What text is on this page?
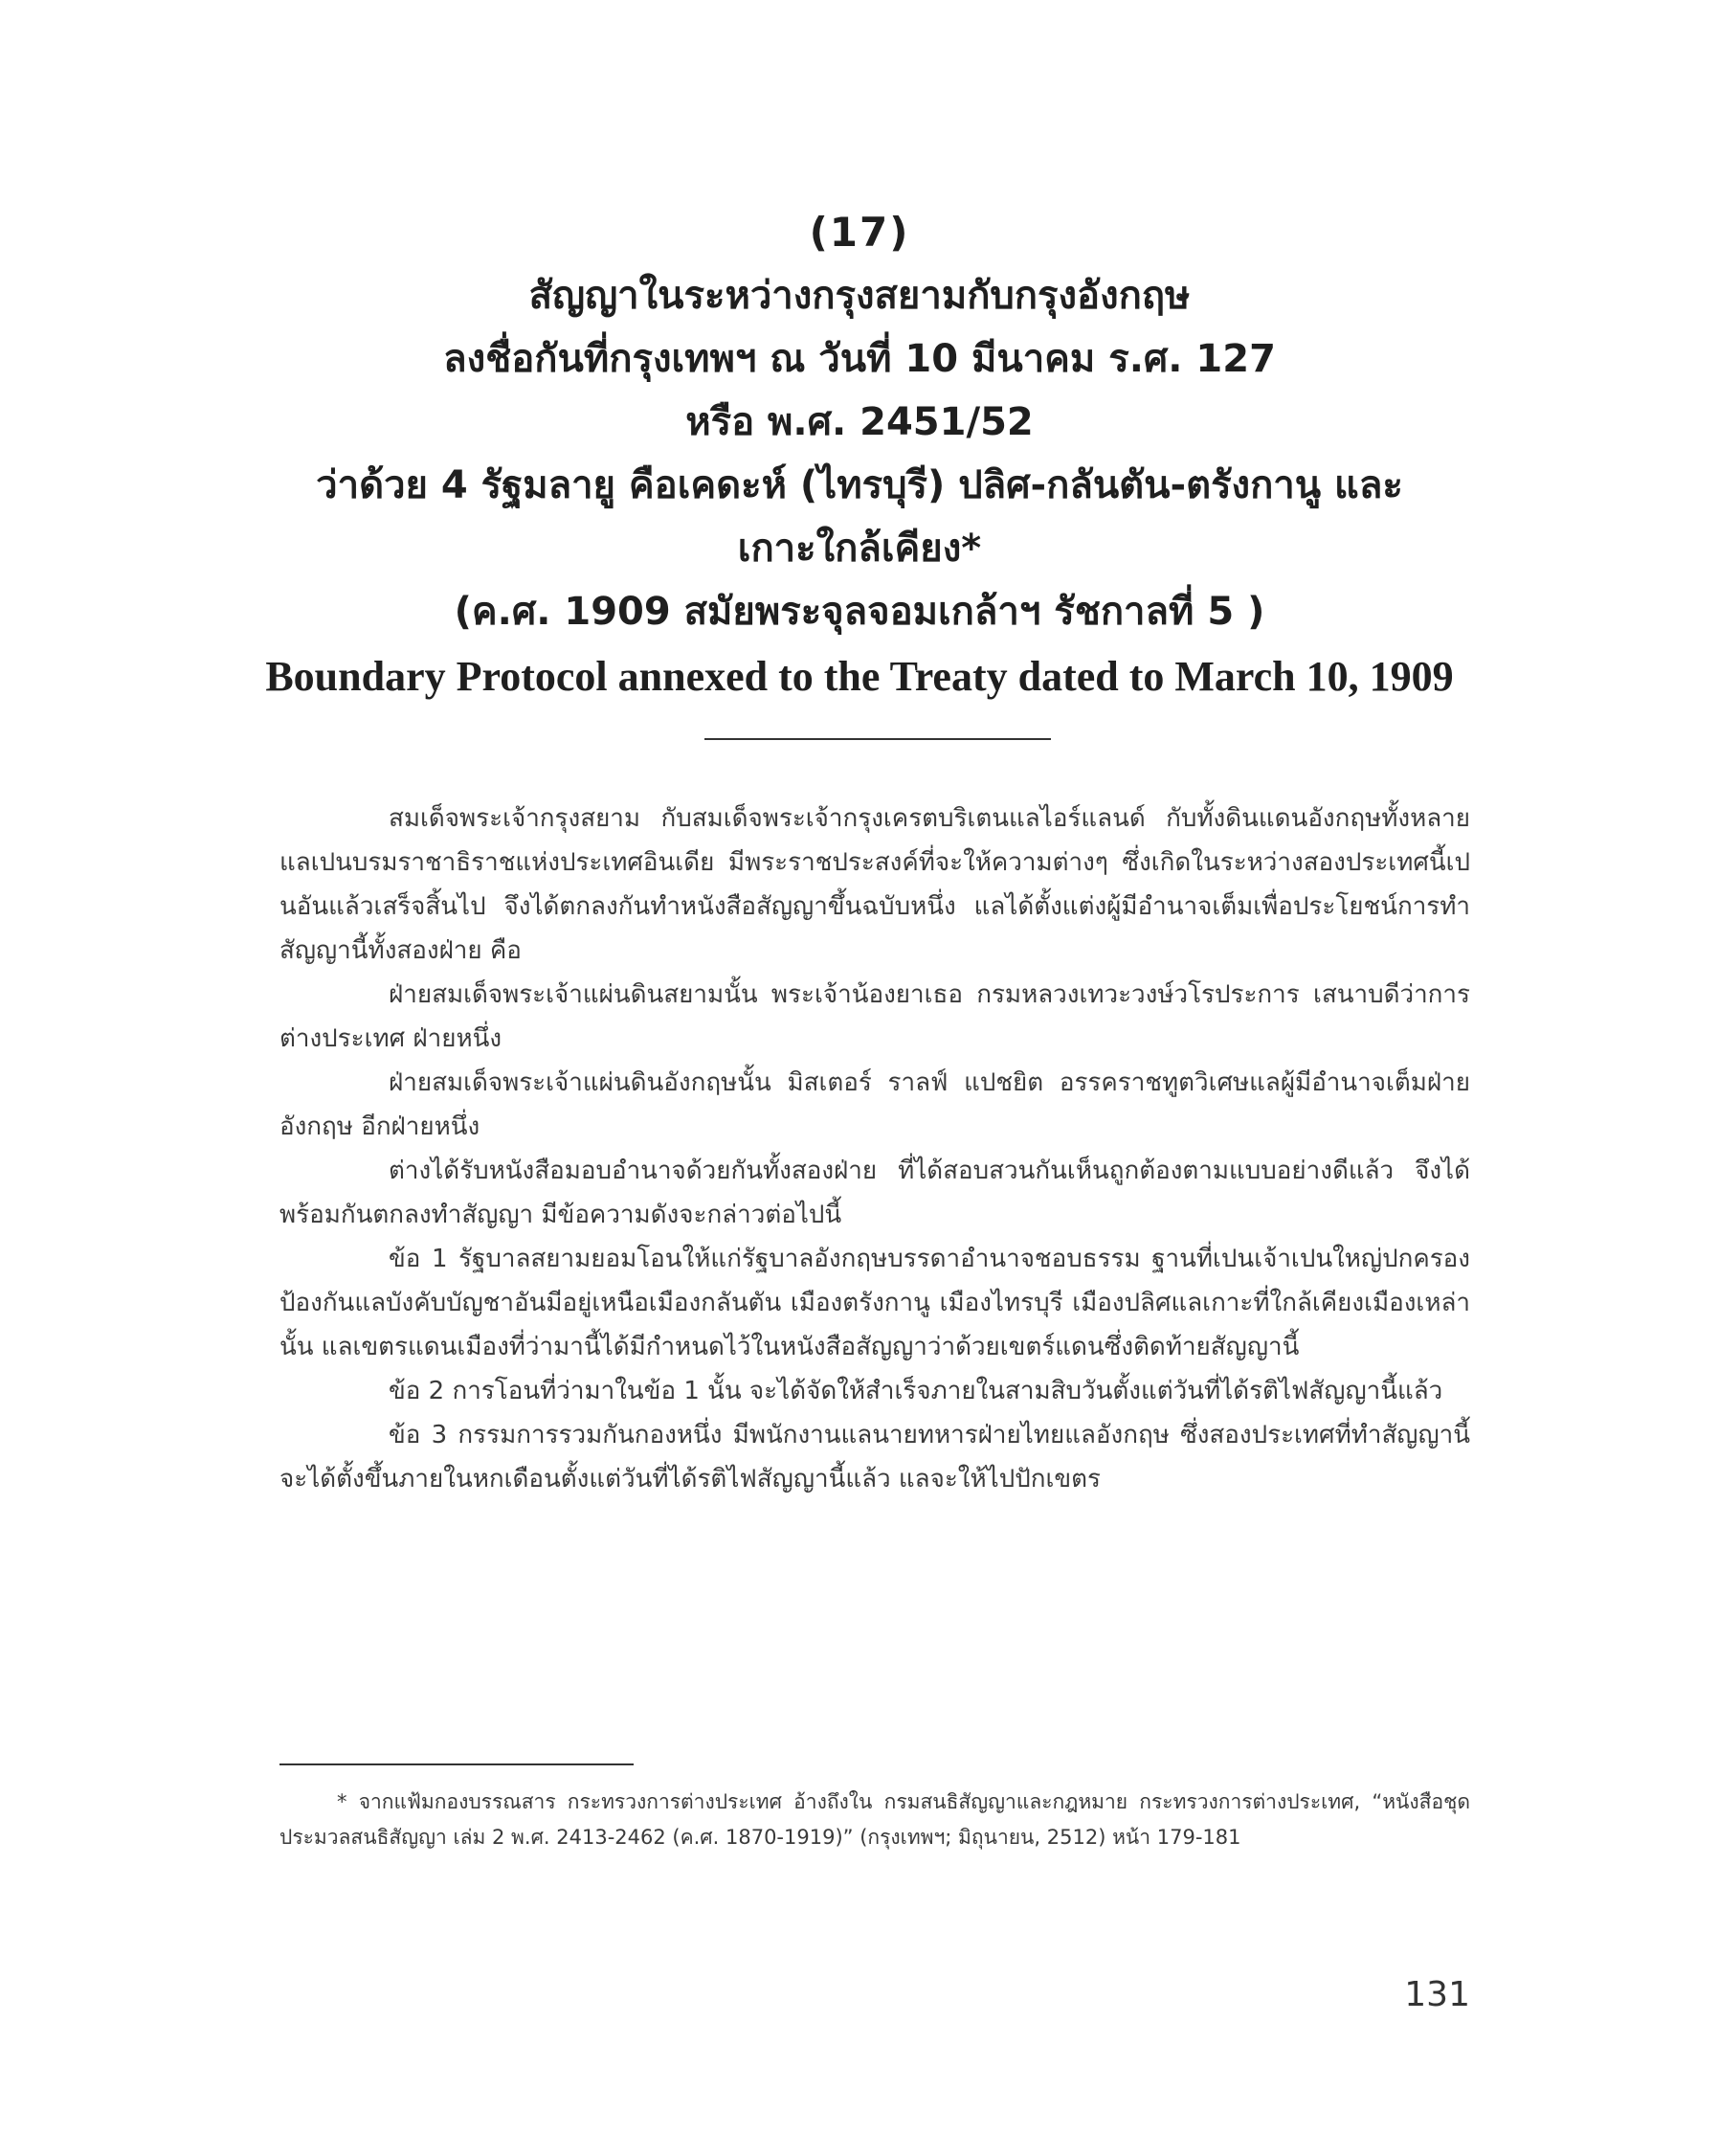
(17)
สัญญาในระหว่างกรุงสยามกับกรุงอังกฤษ
ลงชื่อกันที่กรุงเทพฯ ณ วันที่ 10 มีนาคม ร.ศ. 127
หรือ พ.ศ. 2451/52
ว่าด้วย 4 รัฐมลายู คือเคดะห์ (ไทรบุรี) ปลิศ-กลันตัน-ตรังกานู และ
เกาะใกล้เคียง*
(ค.ศ. 1909 สมัยพระจุลจอมเกล้าฯ รัชกาลที่ 5 )
Boundary Protocol annexed to the Treaty dated to March 10, 1909

สมเด็จพระเจ้ากรุงสยาม กับสมเด็จพระเจ้ากรุงเครตบริเตนแลไอร์แลนด์ กับทั้งดินแดนอังกฤษทั้งหลายแลเปนบรมราชาธิราชแห่งประเทศอินเดีย มีพระราชประสงค์ที่จะให้ความต่างๆ ซึ่งเกิดในระหว่างสองประเทศนี้เปนอันแล้วเสร็จสิ้นไป จึงได้ตกลงกันทำหนังสือสัญญาขึ้นฉบับหนึ่ง แลได้ตั้งแต่งผู้มีอำนาจเต็มเพื่อประโยชน์การทำสัญญานี้ทั้งสองฝ่าย คือ

ฝ่ายสมเด็จพระเจ้าแผ่นดินสยามนั้น พระเจ้าน้องยาเธอ กรมหลวงเทวะวงษ์วโรประการ เสนาบดีว่าการต่างประเทศ ฝ่ายหนึ่ง

ฝ่ายสมเด็จพระเจ้าแผ่นดินอังกฤษนั้น มิสเตอร์ ราลฟ์ แปชยิต อรรคราชทูตวิเศษแลผู้มีอำนาจเต็มฝ่ายอังกฤษ อีกฝ่ายหนึ่ง

ต่างได้รับหนังสือมอบอำนาจด้วยกันทั้งสองฝ่าย ที่ได้สอบสวนกันเห็นถูกต้องตามแบบอย่างดีแล้ว จึงได้พร้อมกันตกลงทำสัญญา มีข้อความดังจะกล่าวต่อไปนี้

ข้อ 1 รัฐบาลสยามยอมโอนให้แก่รัฐบาลอังกฤษบรรดาอำนาจชอบธรรม ฐานที่เปนเจ้าเปนใหญ่ปกครองป้องกันแลบังคับบัญชาอันมีอยู่เหนือเมืองกลันตัน เมืองตรังกานู เมืองไทรบุรี เมืองปลิศแลเกาะที่ใกล้เคียงเมืองเหล่านั้น แลเขตรแดนเมืองที่ว่ามานี้ได้มีกำหนดไว้ในหนังสือสัญญาว่าด้วยเขตร์แดนซึ่งติดท้ายสัญญานี้

ข้อ 2 การโอนที่ว่ามาในข้อ 1 นั้น จะได้จัดให้สำเร็จภายในสามสิบวันตั้งแต่วันที่ได้รติไฟสัญญานี้แล้ว

ข้อ 3 กรรมการรวมกันกองหนึ่ง มีพนักงานแลนายทหารฝ่ายไทยแลอังกฤษ ซึ่งสองประเทศที่ทำสัญญานี้จะได้ตั้งขึ้นภายในหกเดือนตั้งแต่วันที่ได้รติไฟสัญญานี้แล้ว แลจะให้ไปปักเขตร

* จากแฟ้มกองบรรณสาร กระทรวงการต่างประเทศ อ้างถึงใน กรมสนธิสัญญาและกฎหมาย กระทรวงการต่างประเทศ, “หนังสือชุดประมวลสนธิสัญญา เล่ม 2 พ.ศ. 2413-2462 (ค.ศ. 1870-1919)” (กรุงเทพฯ; มิถุนายน, 2512) หน้า 179-181

131
